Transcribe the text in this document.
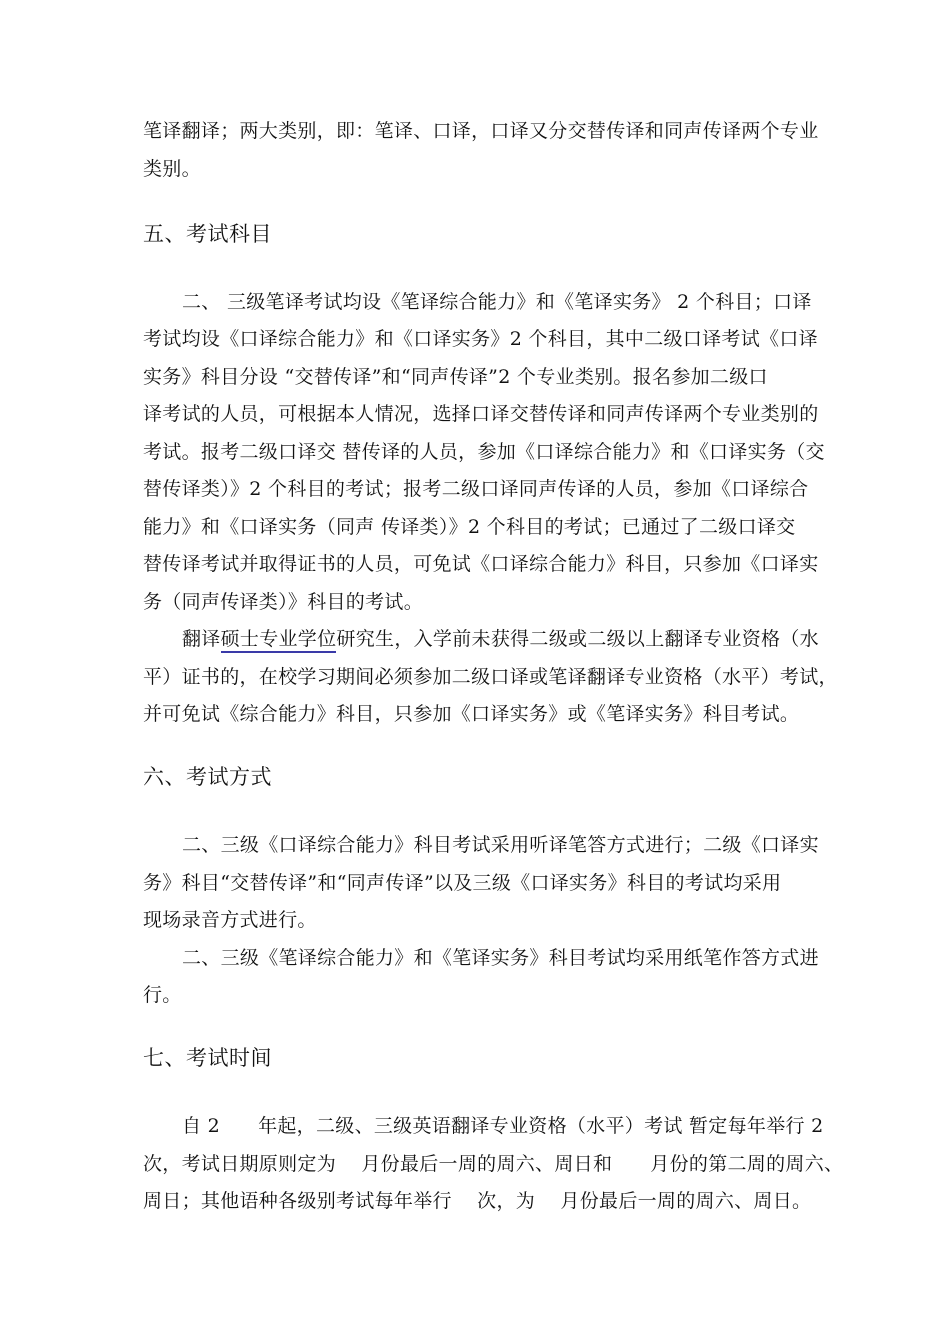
笔译翻译；两大类别，即：笔译、口译，口译又分交替传译和同声传译两个专业
类别。
五、考试科目
二、 三级笔译考试均设《笔译综合能力》和《笔译实务》 2 个科目；口译
考试均设《口译综合能力》和《口译实务》2 个科目，其中二级口译考试《口译
实务》科目分设 “交替传译”和“同声传译”2 个专业类别。报名参加二级口
译考试的人员，可根据本人情况，选择口译交替传译和同声传译两个专业类别的
考试。报考二级口译交 替传译的人员，参加《口译综合能力》和《口译实务（交
替传译类）》2 个科目的考试；报考二级口译同声传译的人员，参加《口译综合
能力》和《口译实务（同声 传译类）》2 个科目的考试；已通过了二级口译交
替传译考试并取得证书的人员，可免试《口译综合能力》科目，只参加《口译实
务（同声传译类）》科目的考试。
翻译硕士专业学位研究生，入学前未获得二级或二级以上翻译专业资格（水
平）证书的，在校学习期间必须参加二级口译或笔译翻译专业资格（水平）考试，
并可免试《综合能力》科目，只参加《口译实务》或《笔译实务》科目考试。
六、考试方式
二、三级《口译综合能力》科目考试采用听译笔答方式进行；二级《口译实
务》科目“交替传译”和“同声传译”以及三级《口译实务》科目的考试均采用
现场录音方式进行。
二、三级《笔译综合能力》和《笔译实务》科目考试均采用纸笔作答方式进
行。
七、考试时间
自 2      年起，二级、三级英语翻译专业资格（水平）考试 暂定每年举行 2
次，考试日期原则定为    月份最后一周的周六、周日和      月份的第二周的周六、
周日；其他语种各级别考试每年举行    次，为    月份最后一周的周六、周日。
